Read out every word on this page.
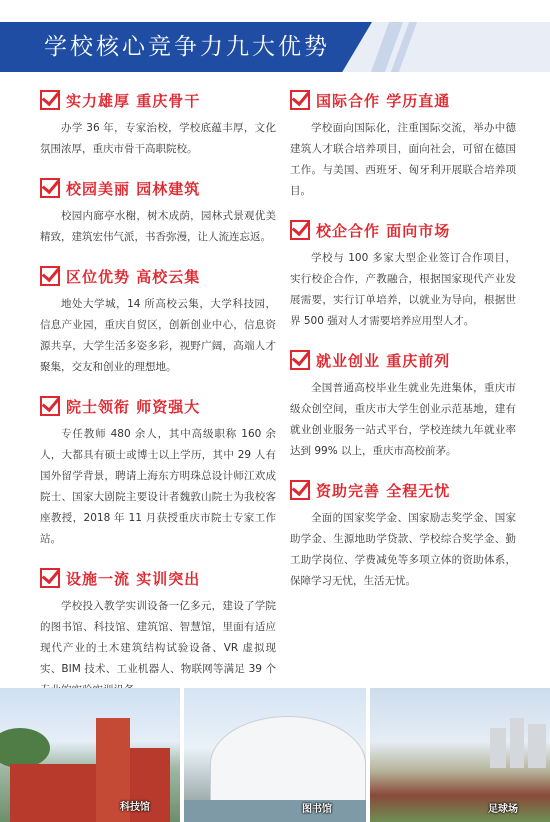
学校核心竞争力九大优势
实力雄厚 重庆骨干

办学 36 年，专家治校，学校底蕴丰厚，文化氛围浓厚，重庆市骨干高职院校。

校园美丽 园林建筑

校园内廊亭水榭，树木成荫，园林式景观优美精致，建筑宏伟气派，书香弥漫，让人流连忘返。

区位优势 高校云集

地处大学城，14 所高校云集，大学科技园，信息产业园，重庆自贸区，创新创业中心，信息资源共享，大学生活多姿多彩，视野广阔，高端人才聚集，交友和创业的理想地。

院士领衔 师资强大

专任教师 480 余人，其中高级职称 160 余人，大都具有硕士或博士以上学历，其中 29 人有国外留学背景，聘请上海东方明珠总设计师江欢成院士、国家大剧院主要设计者魏敦山院士为我校客座教授，2018 年 11 月获授重庆市院士专家工作站。

设施一流 实训突出

学校投入教学实训设备一亿多元，建设了学院的图书馆、科技馆、建筑馆、智慧馆，里面有适应现代产业的土木建筑结构试验设备、VR 虚拟现实、BIM 技术、工业机器人、物联网等满足 39 个

国际合作 学历直通

学校面向国际化，注重国际交流，举办中德建筑人才联合培养项目，面向社会，可留在德国工作。与美国、西班牙、匈牙利开展联合培养项目。

校企合作 面向市场

学校与 100 多家大型企业签订合作项目，实行校企合作，产教融合，根据国家现代产业发展需要，实行订单培养，以就业为导向，根据世界 500 强对人才需要培养应用型人才。

就业创业 重庆前列

全国普通高校毕业生就业先进集体，重庆市级众创空间，重庆市大学生创业示范基地，建有就业创业服务一站式平台，学校连续九年就业率达到 99% 以上，重庆市高校前茅。

资助完善 全程无忧

全面的国家奖学金、国家励志奖学金、国家助学金、生源地助学贷款、学校综合奖学金、勤工助学岗位、学费减免等多项立体的资助体系，保障学习无忧，生活无忧。

科技馆	图书馆	足球场
